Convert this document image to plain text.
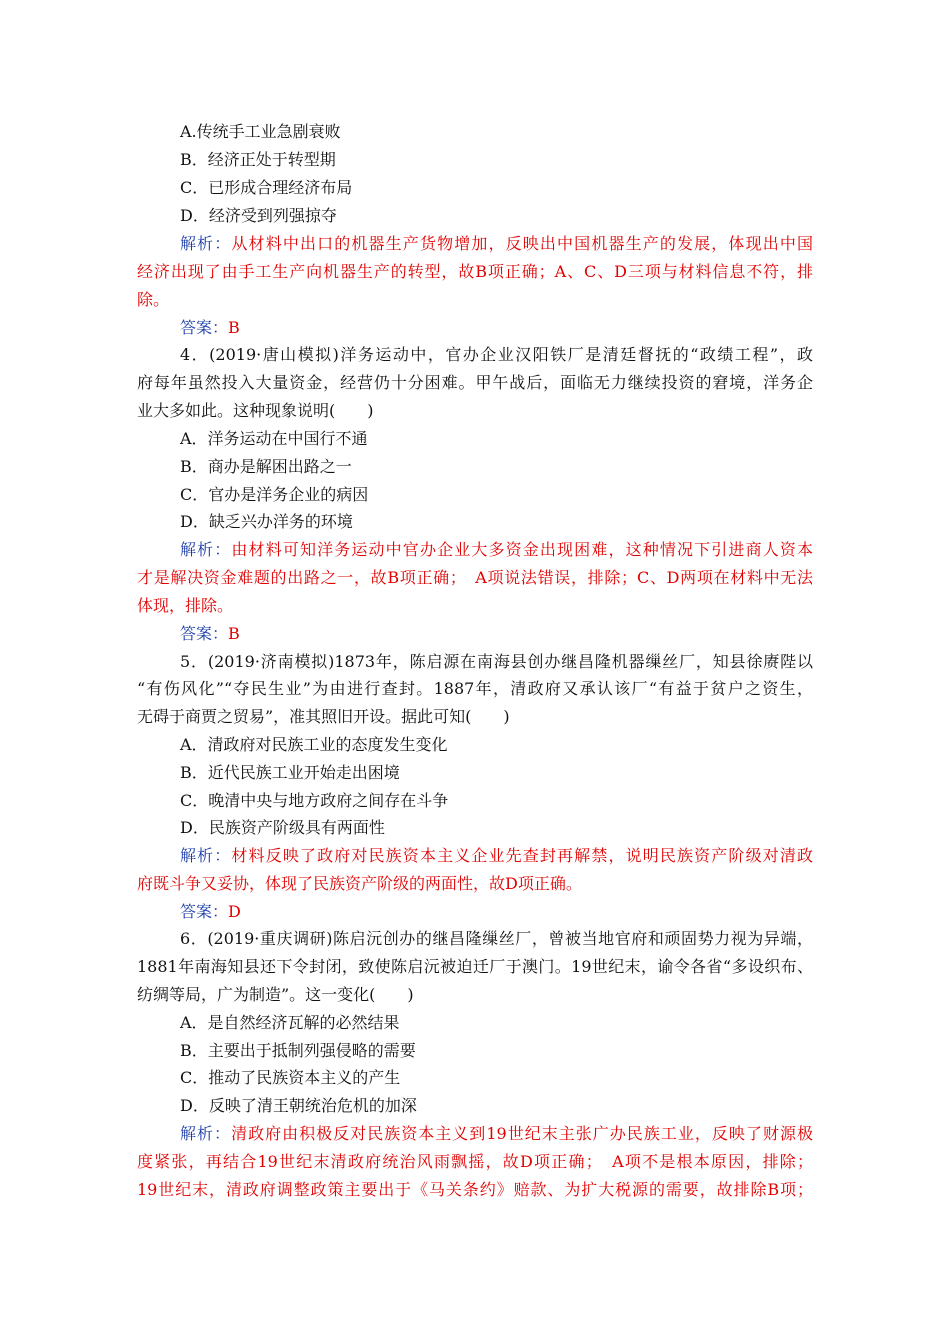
A.传统手工业急剧衰败
B．经济正处于转型期
C．已形成合理经济布局
D．经济受到列强掠夺
解析：从材料中出口的机器生产货物增加，反映出中国机器生产的发展，体现出中国
经济出现了由手工生产向机器生产的转型，故B项正确；A、C、D三项与材料信息不符，排
除。
答案：B
4．(2019·唐山模拟)洋务运动中，官办企业汉阳铁厂是清廷督抚的“政绩工程”，政
府每年虽然投入大量资金，经营仍十分困难。甲午战后，面临无力继续投资的窘境，洋务企
业大多如此。这种现象说明(　　)
A．洋务运动在中国行不通
B．商办是解困出路之一
C．官办是洋务企业的病因
D．缺乏兴办洋务的环境
解析：由材料可知洋务运动中官办企业大多资金出现困难，这种情况下引进商人资本
才是解决资金难题的出路之一，故B项正确；　A项说法错误，排除；C、D两项在材料中无法
体现，排除。
答案：B
5．(2019·济南模拟)1873年，陈启源在南海县创办继昌隆机器缫丝厂，知县徐赓陛以
“有伤风化”“夺民生业”为由进行查封。1887年，清政府又承认该厂“有益于贫户之资生，
无碍于商贾之贸易”，准其照旧开设。据此可知(　　)
A．清政府对民族工业的态度发生变化
B．近代民族工业开始走出困境
C．晚清中央与地方政府之间存在斗争
D．民族资产阶级具有两面性
解析：材料反映了政府对民族资本主义企业先查封再解禁，说明民族资产阶级对清政
府既斗争又妥协，体现了民族资产阶级的两面性，故D项正确。
答案：D
6．(2019·重庆调研)陈启沅创办的继昌隆缫丝厂，曾被当地官府和顽固势力视为异端，
1881年南海知县还下令封闭，致使陈启沅被迫迁厂于澳门。19世纪末，谕令各省“多设织布、
纺绸等局，广为制造”。这一变化(　　)
A．是自然经济瓦解的必然结果
B．主要出于抵制列强侵略的需要
C．推动了民族资本主义的产生
D．反映了清王朝统治危机的加深
解析：清政府由积极反对民族资本主义到19世纪末主张广办民族工业，反映了财源极
度紧张，再结合19世纪末清政府统治风雨飘摇，故D项正确；　A项不是根本原因，排除；
19世纪末，清政府调整政策主要出于《马关条约》赔款、为扩大税源的需要，故排除B项；
